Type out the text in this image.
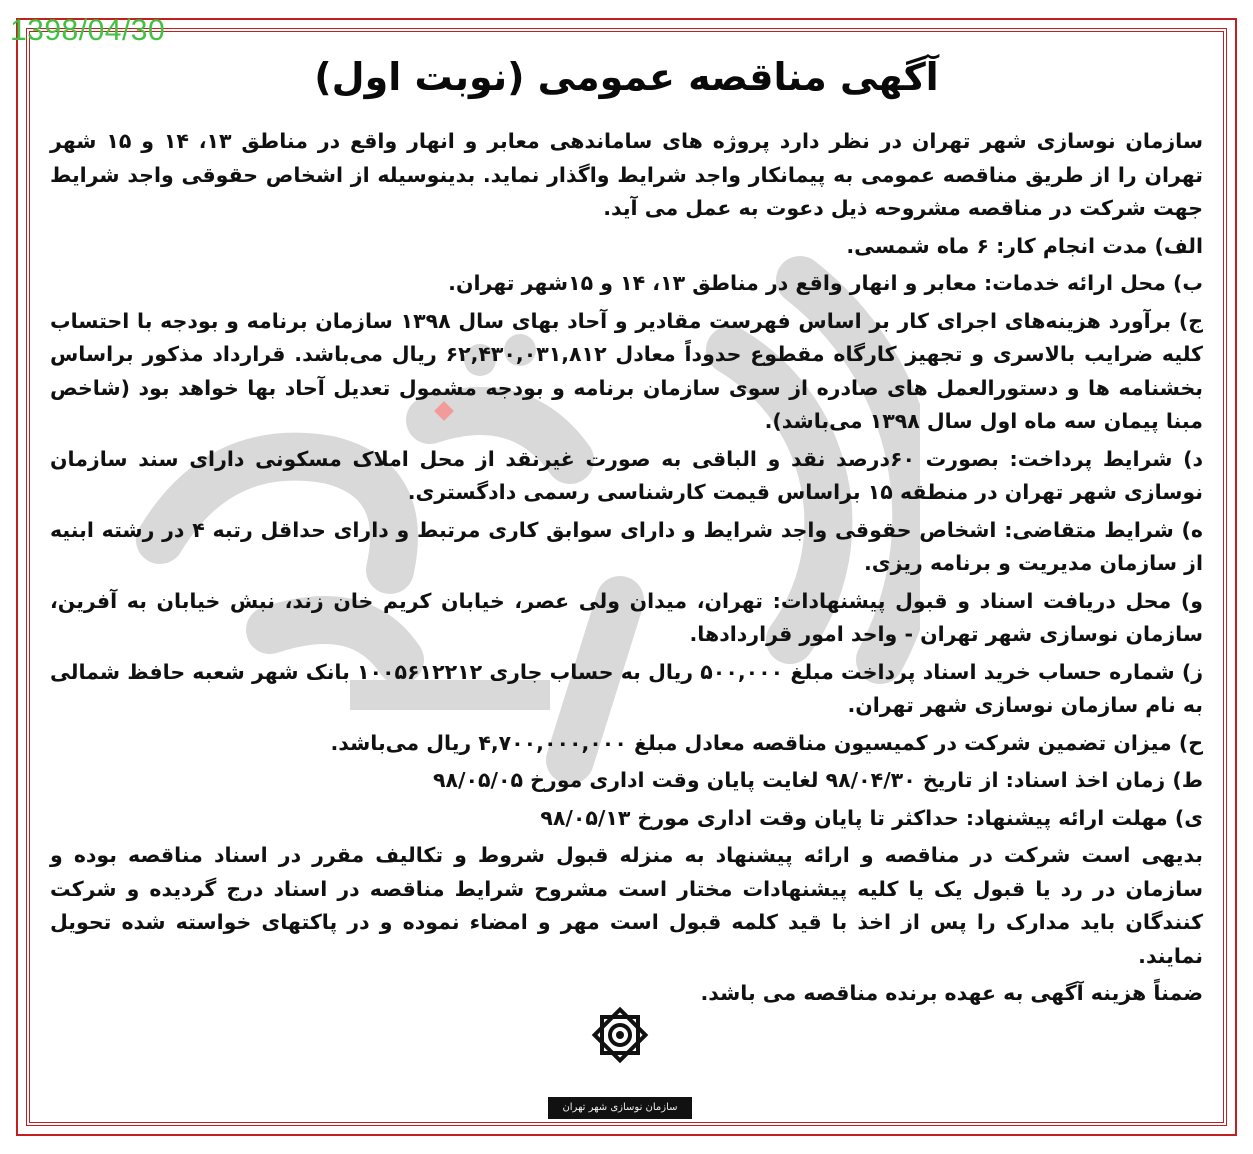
1398/04/30
آگهی مناقصه عمومی (نوبت اول)

سازمان نوسازی شهر تهران در نظر دارد پروژه های ساماندهی معابر و انهار واقع در مناطق ۱۳، ۱۴ و ۱۵ شهر تهران را از طریق مناقصه عمومی به پیمانکار واجد شرایط واگذار نماید. بدینوسیله از اشخاص حقوقی واجد شرایط جهت شرکت در مناقصه مشروحه ذیل دعوت به عمل می آید.

الف) مدت انجام کار: ۶ ماه شمسی.

ب) محل ارائه خدمات: معابر و انهار واقع در مناطق ۱۳، ۱۴ و ۱۵شهر تهران.

ج) برآورد هزینه‌های اجرای کار بر اساس فهرست مقادیر و آحاد بهای سال ۱۳۹۸ سازمان برنامه و بودجه با احتساب کلیه ضرایب بالاسری و تجهیز کارگاه مقطوع حدوداً معادل ۶۲,۴۳۰,۰۳۱,۸۱۲ ریال می‌باشد. قرارداد مذکور براساس بخشنامه ها و دستورالعمل های صادره از سوی سازمان برنامه و بودجه مشمول تعدیل آحاد بها خواهد بود (شاخص مبنا پیمان سه ماه اول سال ۱۳۹۸ می‌باشد).

د) شرایط پرداخت: بصورت ۶۰درصد نقد و الباقی به صورت غیرنقد از محل املاک مسکونی دارای سند سازمان نوسازی شهر تهران در منطقه ۱۵ براساس قیمت کارشناسی رسمی دادگستری.

ه) شرایط متقاضی: اشخاص حقوقی واجد شرایط و دارای سوابق کاری مرتبط و دارای حداقل رتبه ۴ در رشته ابنیه از سازمان مدیریت و برنامه ریزی.

و) محل دریافت اسناد و قبول پیشنهادات: تهران، میدان ولی عصر، خیابان کریم خان زند، نبش خیابان به آفرین، سازمان نوسازی شهر تهران - واحد امور قراردادها.

ز) شماره حساب خرید اسناد پرداخت مبلغ ۵۰۰,۰۰۰ ریال به حساب جاری ۱۰۰۵۶۱۲۲۱۲ بانک شهر شعبه حافظ شمالی به نام سازمان نوسازی شهر تهران.

ح) میزان تضمین شرکت در کمیسیون مناقصه معادل مبلغ ۴,۷۰۰,۰۰۰,۰۰۰ ریال می‌باشد.

ط) زمان اخذ اسناد: از تاریخ ۹۸/۰۴/۳۰ لغایت پایان وقت اداری مورخ ۹۸/۰۵/۰۵

ی) مهلت ارائه پیشنهاد: حداکثر تا پایان وقت اداری مورخ ۹۸/۰۵/۱۳

بدیهی است شرکت در مناقصه و ارائه پیشنهاد به منزله قبول شروط و تکالیف مقرر در اسناد مناقصه بوده و سازمان در رد یا قبول یک یا کلیه پیشنهادات مختار است مشروح شرایط مناقصه در اسناد درج گردیده و شرکت کنندگان باید مدارک را پس از اخذ با قید کلمه قبول است مهر و امضاء نموده و در پاکتهای خواسته شده تحویل نمایند.

ضمناً هزینه آگهی به عهده برنده مناقصه می باشد.

سازمان نوسازی شهر تهران
